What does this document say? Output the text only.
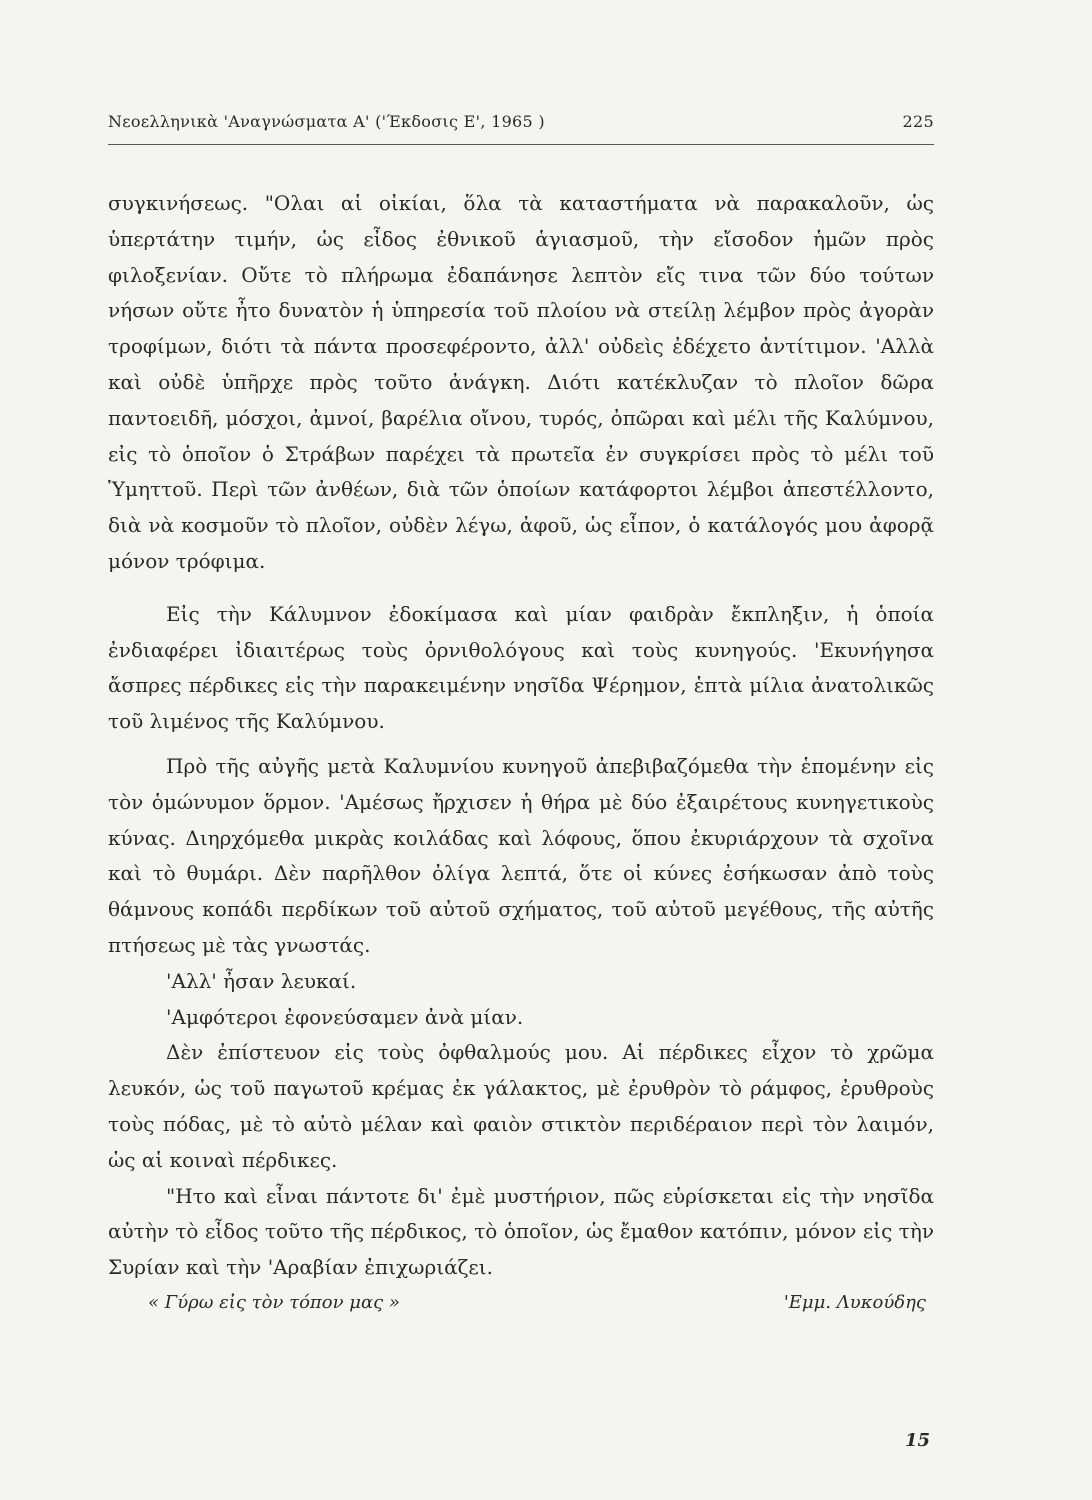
Νεοελληνικὰ 'Αναγνώσματα Α' ('Έκδοσις Ε', 1965 )	225

συγκινήσεως. "Ολαι αἱ οἰκίαι, ὅλα τὰ καταστήματα νὰ παρακαλοῦν, ὡς ὑπερτάτην τιμήν, ὡς εἶδος ἐθνικοῦ ἁγιασμοῦ, τὴν εἴσοδον ἡμῶν πρὸς φιλοξενίαν. Οὔτε τὸ πλήρωμα ἐδαπάνησε λεπτὸν εἴς τινα τῶν δύο τούτων νήσων οὔτε ἦτο δυνατὸν ἡ ὑπηρεσία τοῦ πλοίου νὰ στείλῃ λέμβον πρὸς ἀγορὰν τροφίμων, διότι τὰ πάντα προσεφέροντο, ἀλλ' οὐδεὶς ἐδέχετο ἀντίτιμον. 'Αλλὰ καὶ οὐδὲ ὑπῆρχε πρὸς τοῦτο ἀνάγκη. Διότι κατέκλυζαν τὸ πλοῖον δῶρα παντοειδῆ, μόσχοι, ἀμνοί, βαρέλια οἴνου, τυρός, ὀπῶραι καὶ μέλι τῆς Καλύμνου, εἰς τὸ ὁποῖον ὁ Στράβων παρέχει τὰ πρωτεῖα ἐν συγκρίσει πρὸς τὸ μέλι τοῦ Ὑμηττοῦ. Περὶ τῶν ἀνθέων, διὰ τῶν ὁποίων κατάφορτοι λέμβοι ἀπεστέλλοντο, διὰ νὰ κοσμοῦν τὸ πλοῖον, οὐδὲν λέγω, ἀφοῦ, ὡς εἶπον, ὁ κατάλογός μου ἀφορᾷ μόνον τρόφιμα.

Εἰς τὴν Κάλυμνον ἐδοκίμασα καὶ μίαν φαιδρὰν ἔκπληξιν, ἡ ὁποία ἐνδιαφέρει ἰδιαιτέρως τοὺς ὀρνιθολόγους καὶ τοὺς κυνηγούς. 'Εκυνήγησα ἄσπρες πέρδικες εἰς τὴν παρακειμένην νησῖδα Ψέρημον, ἑπτὰ μίλια ἀνατολικῶς τοῦ λιμένος τῆς Καλύμνου.

Πρὸ τῆς αὐγῆς μετὰ Καλυμνίου κυνηγοῦ ἀπεβιβαζόμεθα τὴν ἑπομένην εἰς τὸν ὁμώνυμον ὅρμον. 'Αμέσως ἤρχισεν ἡ θήρα μὲ δύο ἐξαιρέτους κυνηγετικοὺς κύνας. Διηρχόμεθα μικρὰς κοιλάδας καὶ λόφους, ὅπου ἐκυριάρχουν τὰ σχοῖνα καὶ τὸ θυμάρι. Δὲν παρῆλθον ὀλίγα λεπτά, ὅτε οἱ κύνες ἐσήκωσαν ἀπὸ τοὺς θάμνους κοπάδι περδίκων τοῦ αὐτοῦ σχήματος, τοῦ αὐτοῦ μεγέθους, τῆς αὐτῆς πτήσεως μὲ τὰς γνωστάς.

'Αλλ' ἦσαν λευκαί.

'Αμφότεροι ἐφονεύσαμεν ἀνὰ μίαν.

Δὲν ἐπίστευον εἰς τοὺς ὀφθαλμούς μου. Αἱ πέρδικες εἶχον τὸ χρῶμα λευκόν, ὡς τοῦ παγωτοῦ κρέμας ἐκ γάλακτος, μὲ ἐρυθρὸν τὸ ράμφος, ἐρυθροὺς τοὺς πόδας, μὲ τὸ αὐτὸ μέλαν καὶ φαιὸν στικτὸν περιδέραιον περὶ τὸν λαιμόν, ὡς αἱ κοιναὶ πέρδικες.

"Ητο καὶ εἶναι πάντοτε δι' ἐμὲ μυστήριον, πῶς εὑρίσκεται εἰς τὴν νησῖδα αὐτὴν τὸ εἶδος τοῦτο τῆς πέρδικος, τὸ ὁποῖον, ὡς ἔμαθον κατόπιν, μόνον εἰς τὴν Συρίαν καὶ τὴν 'Αραβίαν ἐπιχωριάζει.

« Γύρω εἰς τὸν τόπον μας »	'Εμμ. Λυκούδης
15
